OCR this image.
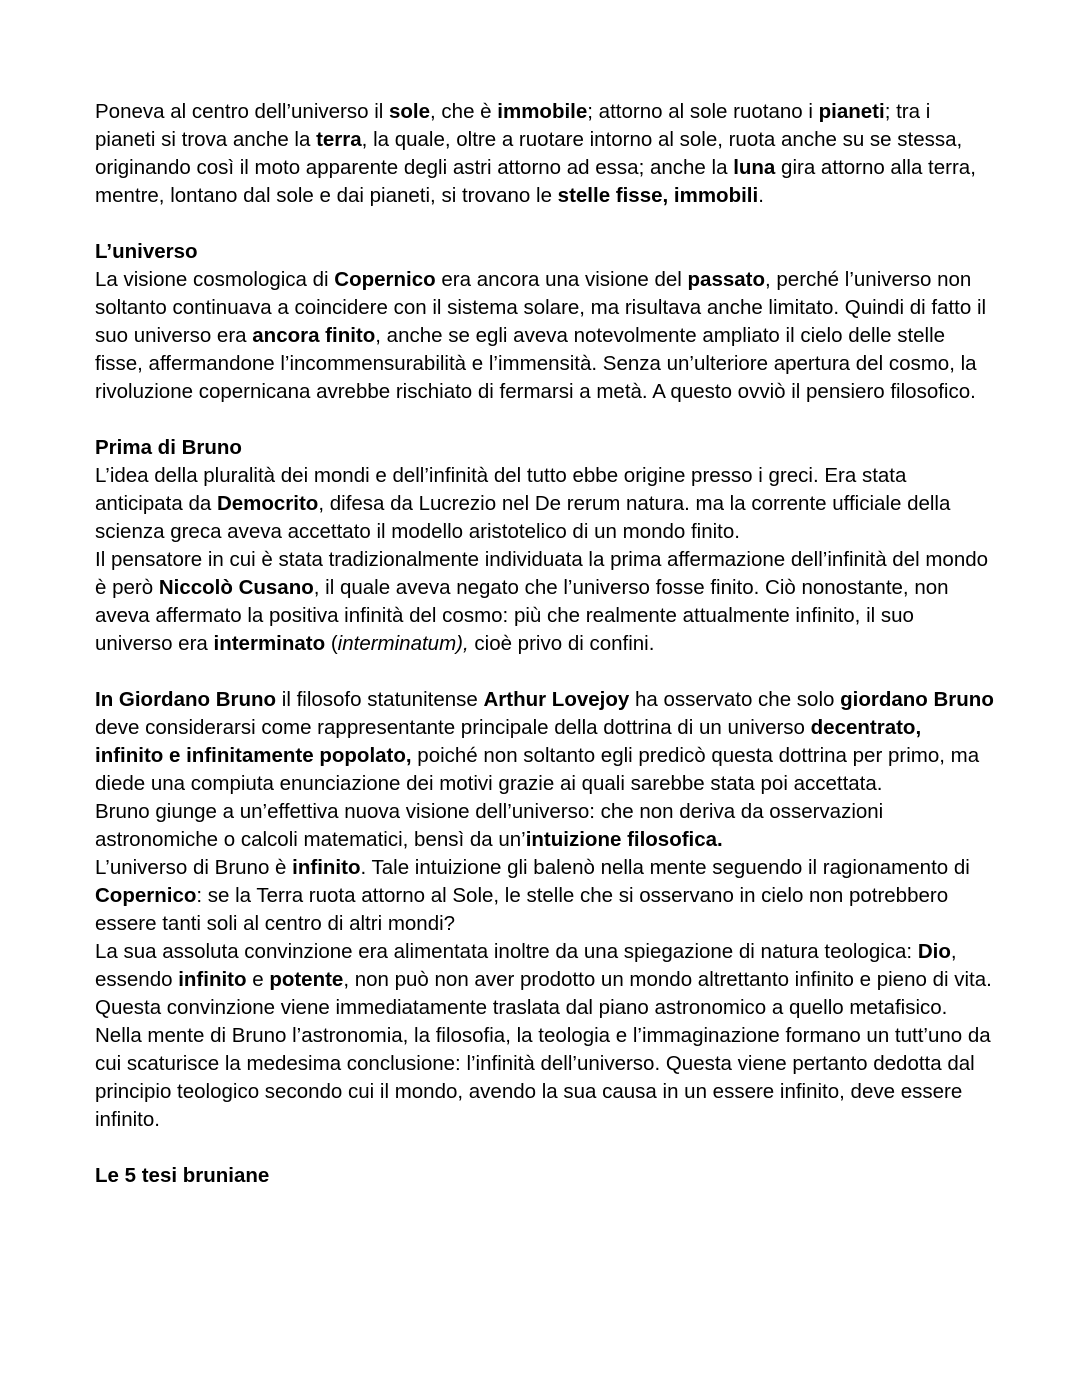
Poneva al centro dell’universo il sole, che è immobile; attorno al sole ruotano i pianeti; tra i pianeti si trova anche la terra, la quale, oltre a ruotare intorno al sole, ruota anche su se stessa, originando così il moto apparente degli astri attorno ad essa; anche la luna gira attorno alla terra, mentre, lontano dal sole e dai pianeti, si trovano le stelle fisse, immobili.

L’universo

La visione cosmologica di Copernico era ancora una visione del passato, perché l’universo non soltanto continuava a coincidere con il sistema solare, ma risultava anche limitato. Quindi di fatto il suo universo era ancora finito, anche se egli aveva notevolmente ampliato il cielo delle stelle fisse, affermandone l’incommensurabilità e l’immensità. Senza un’ulteriore apertura del cosmo, la rivoluzione copernicana avrebbe rischiato di fermarsi a metà. A questo ovviò il pensiero filosofico.

Prima di Bruno

L’idea della pluralità dei mondi e dell’infinità del tutto ebbe origine presso i greci. Era stata anticipata da Democrito, difesa da Lucrezio nel De rerum natura. ma la corrente ufficiale della scienza greca aveva accettato il modello aristotelico di un mondo finito.

Il pensatore in cui è stata tradizionalmente individuata la prima affermazione dell’infinità del mondo è però Niccolò Cusano, il quale aveva negato che l’universo fosse finito. Ciò nonostante, non aveva affermato la positiva infinità del cosmo: più che realmente attualmente infinito, il suo universo era interminato (interminatum), cioè privo di confini.

In Giordano Bruno il filosofo statunitense Arthur Lovejoy ha osservato che solo giordano Bruno deve considerarsi come rappresentante principale della dottrina di un universo decentrato, infinito e infinitamente popolato, poiché non soltanto egli predicò questa dottrina per primo, ma diede una compiuta enunciazione dei motivi grazie ai quali sarebbe stata poi accettata.

Bruno giunge a un’effettiva nuova visione dell’universo: che non deriva da osservazioni astronomiche o calcoli matematici, bensì da un’intuizione filosofica.

L’universo di Bruno è infinito. Tale intuizione gli balenò nella mente seguendo il ragionamento di Copernico: se la Terra ruota attorno al Sole, le stelle che si osservano in cielo non potrebbero essere tanti soli al centro di altri mondi?

La sua assoluta convinzione era alimentata inoltre da una spiegazione di natura teologica: Dio, essendo infinito e potente, non può non aver prodotto un mondo altrettanto infinito e pieno di vita.

Questa convinzione viene immediatamente traslata dal piano astronomico a quello metafisico. Nella mente di Bruno l’astronomia, la filosofia, la teologia e l’immaginazione formano un tutt’uno da cui scaturisce la medesima conclusione: l’infinità dell’universo. Questa viene pertanto dedotta dal principio teologico secondo cui il mondo, avendo la sua causa in un essere infinito, deve essere infinito.

Le 5 tesi bruniane
